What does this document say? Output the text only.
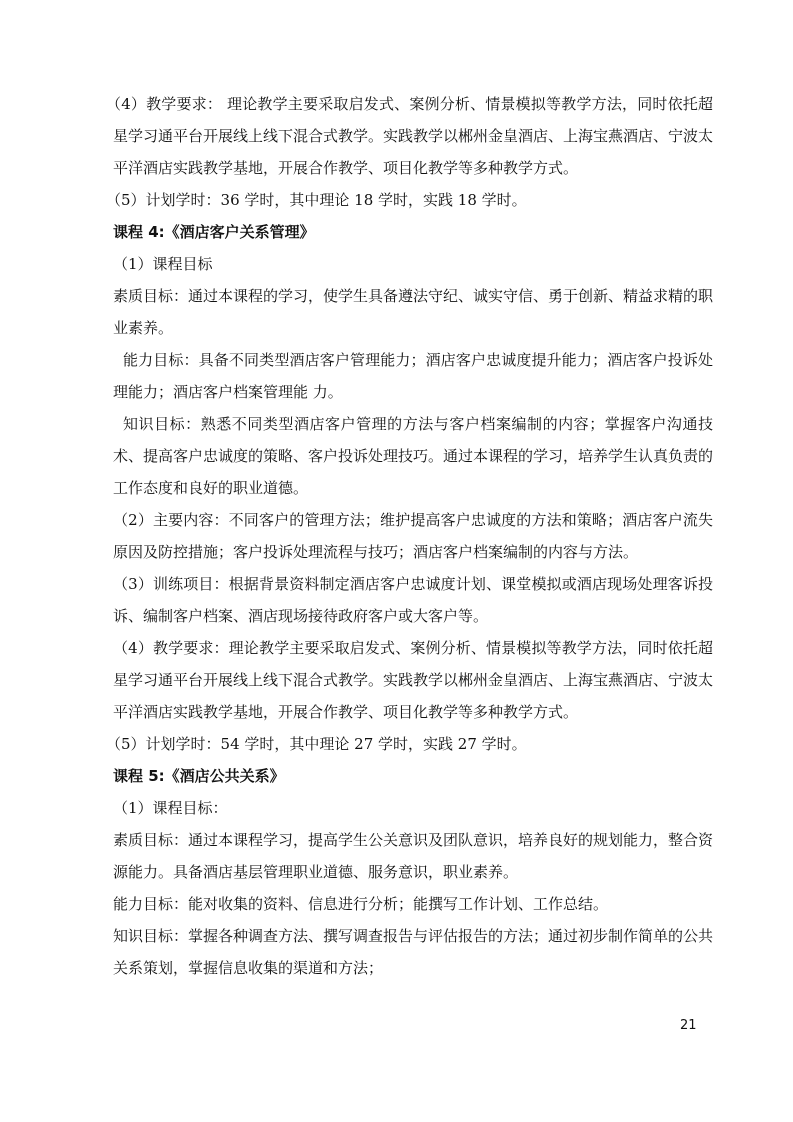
（4）教学要求： 理论教学主要采取启发式、案例分析、情景模拟等教学方法，同时依托超星学习通平台开展线上线下混合式教学。实践教学以郴州金皇酒店、上海宝燕酒店、宁波太平洋酒店实践教学基地，开展合作教学、项目化教学等多种教学方式。

（5）计划学时：36 学时，其中理论 18 学时，实践 18 学时。

课程 4:《酒店客户关系管理》

（1）课程目标

素质目标：通过本课程的学习，使学生具备遵法守纪、诚实守信、勇于创新、精益求精的职业素养。

能力目标：具备不同类型酒店客户管理能力；酒店客户忠诚度提升能力；酒店客户投诉处理能力；酒店客户档案管理能 力。

知识目标：熟悉不同类型酒店客户管理的方法与客户档案编制的内容；掌握客户沟通技术、提高客户忠诚度的策略、客户投诉处理技巧。通过本课程的学习，培养学生认真负责的工作态度和良好的职业道德。

（2）主要内容：不同客户的管理方法；维护提高客户忠诚度的方法和策略；酒店客户流失原因及防控措施；客户投诉处理流程与技巧；酒店客户档案编制的内容与方法。

（3）训练项目：根据背景资料制定酒店客户忠诚度计划、课堂模拟或酒店现场处理客诉投诉、编制客户档案、酒店现场接待政府客户或大客户等。

（4）教学要求：理论教学主要采取启发式、案例分析、情景模拟等教学方法，同时依托超星学习通平台开展线上线下混合式教学。实践教学以郴州金皇酒店、上海宝燕酒店、宁波太平洋酒店实践教学基地，开展合作教学、项目化教学等多种教学方式。

（5）计划学时：54 学时，其中理论 27 学时，实践 27 学时。

课程 5:《酒店公共关系》

（1）课程目标：

素质目标：通过本课程学习，提高学生公关意识及团队意识，培养良好的规划能力，整合资源能力。具备酒店基层管理职业道德、服务意识，职业素养。

能力目标：能对收集的资料、信息进行分析；能撰写工作计划、工作总结。

知识目标：掌握各种调查方法、撰写调查报告与评估报告的方法；通过初步制作简单的公共关系策划，掌握信息收集的渠道和方法；

21
